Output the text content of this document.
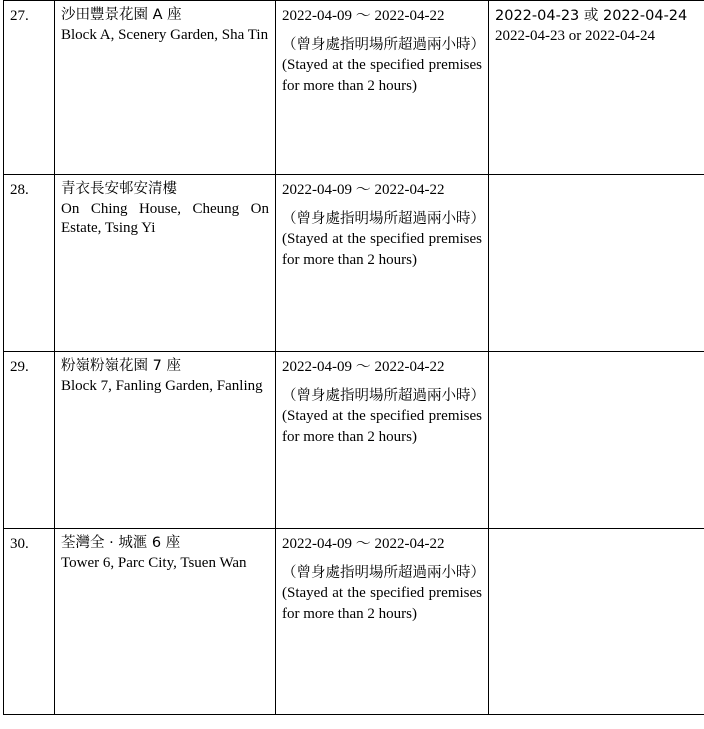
27.	沙田豐景花園 A 座
Block A, Scenery Garden, Sha Tin

2022-04-09 ～ 2022-04-22
（曾身處指明場所超過兩小時）
(Stayed at the specified premises for more than 2 hours)

2022-04-23 或 2022-04-24
2022-04-23 or 2022-04-24

28.	青衣長安邨安清樓
On Ching House, Cheung On Estate, Tsing Yi

2022-04-09 ～ 2022-04-22
（曾身處指明場所超過兩小時）
(Stayed at the specified premises for more than 2 hours)

29.	粉嶺粉嶺花園 7 座
Block 7, Fanling Garden, Fanling

2022-04-09 ～ 2022-04-22
（曾身處指明場所超過兩小時）
(Stayed at the specified premises for more than 2 hours)

30.	荃灣全 · 城滙 6 座
Tower 6, Parc City, Tsuen Wan

2022-04-09 ～ 2022-04-22
（曾身處指明場所超過兩小時）
(Stayed at the specified premises for more than 2 hours)
